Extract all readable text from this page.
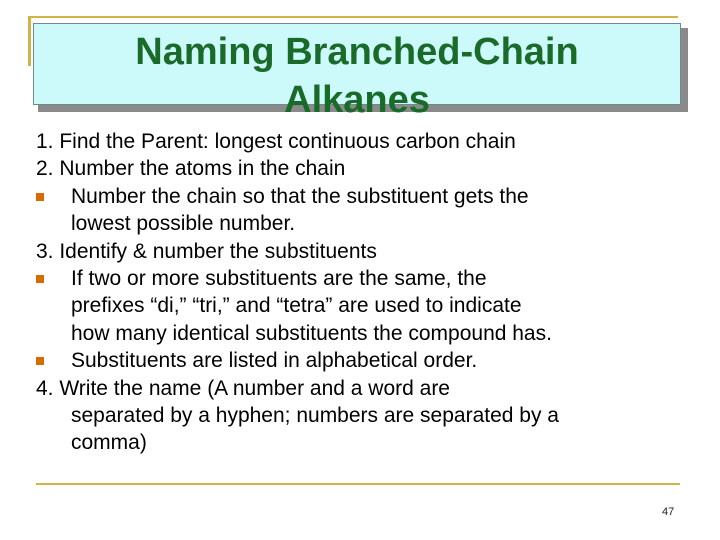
Naming Branched-Chain
Alkanes
1. Find the Parent: longest continuous carbon chain
2. Number the atoms in the chain
Number the chain so that the substituent gets the
lowest possible number.
3. Identify & number the substituents
If two or more substituents are the same, the
prefixes “di,” “tri,” and “tetra” are used to indicate
how many identical substituents the compound has.
Substituents are listed in alphabetical order.
4. Write the name (A number and a word are
separated by a hyphen; numbers are separated by a
comma)
47
